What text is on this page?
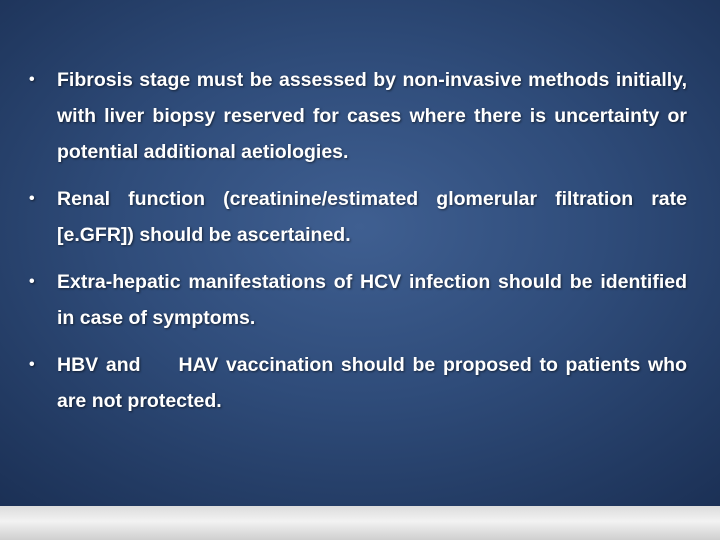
• Fibrosis stage must be assessed by non-invasive methods initially, with liver biopsy reserved for cases where there is uncertainty or potential additional aetiologies.
• Renal function (creatinine/estimated glomerular filtration rate [e.GFR]) should be ascertained.
• Extra-hepatic manifestations of HCV infection should be identified in case of symptoms.
• HBV and HAV vaccination should be proposed to patients who are not protected.
